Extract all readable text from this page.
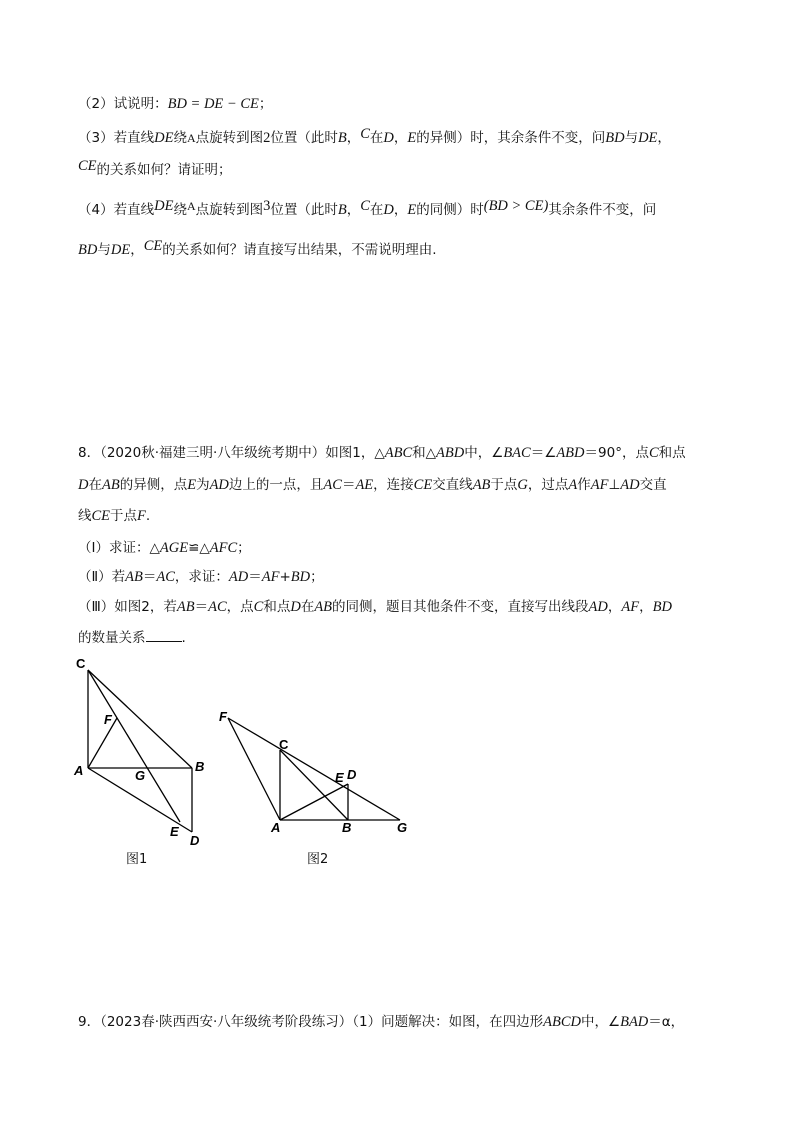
（2）试说明：BD = DE − CE；
（3）若直线DE绕A点旋转到图2位置（此时B，C在D，E的异侧）时，其余条件不变，问BD与DE，
CE的关系如何？请证明；
（4）若直线DE绕A点旋转到图3位置（此时B，C在D，E的同侧）时(BD > CE)其余条件不变，问
BD与DE，CE的关系如何？请直接写出结果，不需说明理由.
8．（2020秋·福建三明·八年级统考期中）如图1，△ABC和△ABD中，∠BAC＝∠ABD＝90°，点C和点
D在AB的异侧，点E为AD边上的一点，且AC＝AE，连接CE交直线AB于点G，过点A作AF⊥AD交直
线CE于点F.
（Ⅰ）求证：△AGE≌△AFC；
（Ⅱ）若AB＝AC，求证：AD＝AF+BD；
（Ⅲ）如图2，若AB＝AC，点C和点D在AB的同侧，题目其他条件不变，直接写出线段AD，AF，BD
的数量关系	.
C
F
A	G
B
E
D
图1
F
C
E D
A	B	G
图2
9．（2023春·陕西西安·八年级统考阶段练习）（1）问题解决：如图，在四边形ABCD中，∠BAD＝α，
